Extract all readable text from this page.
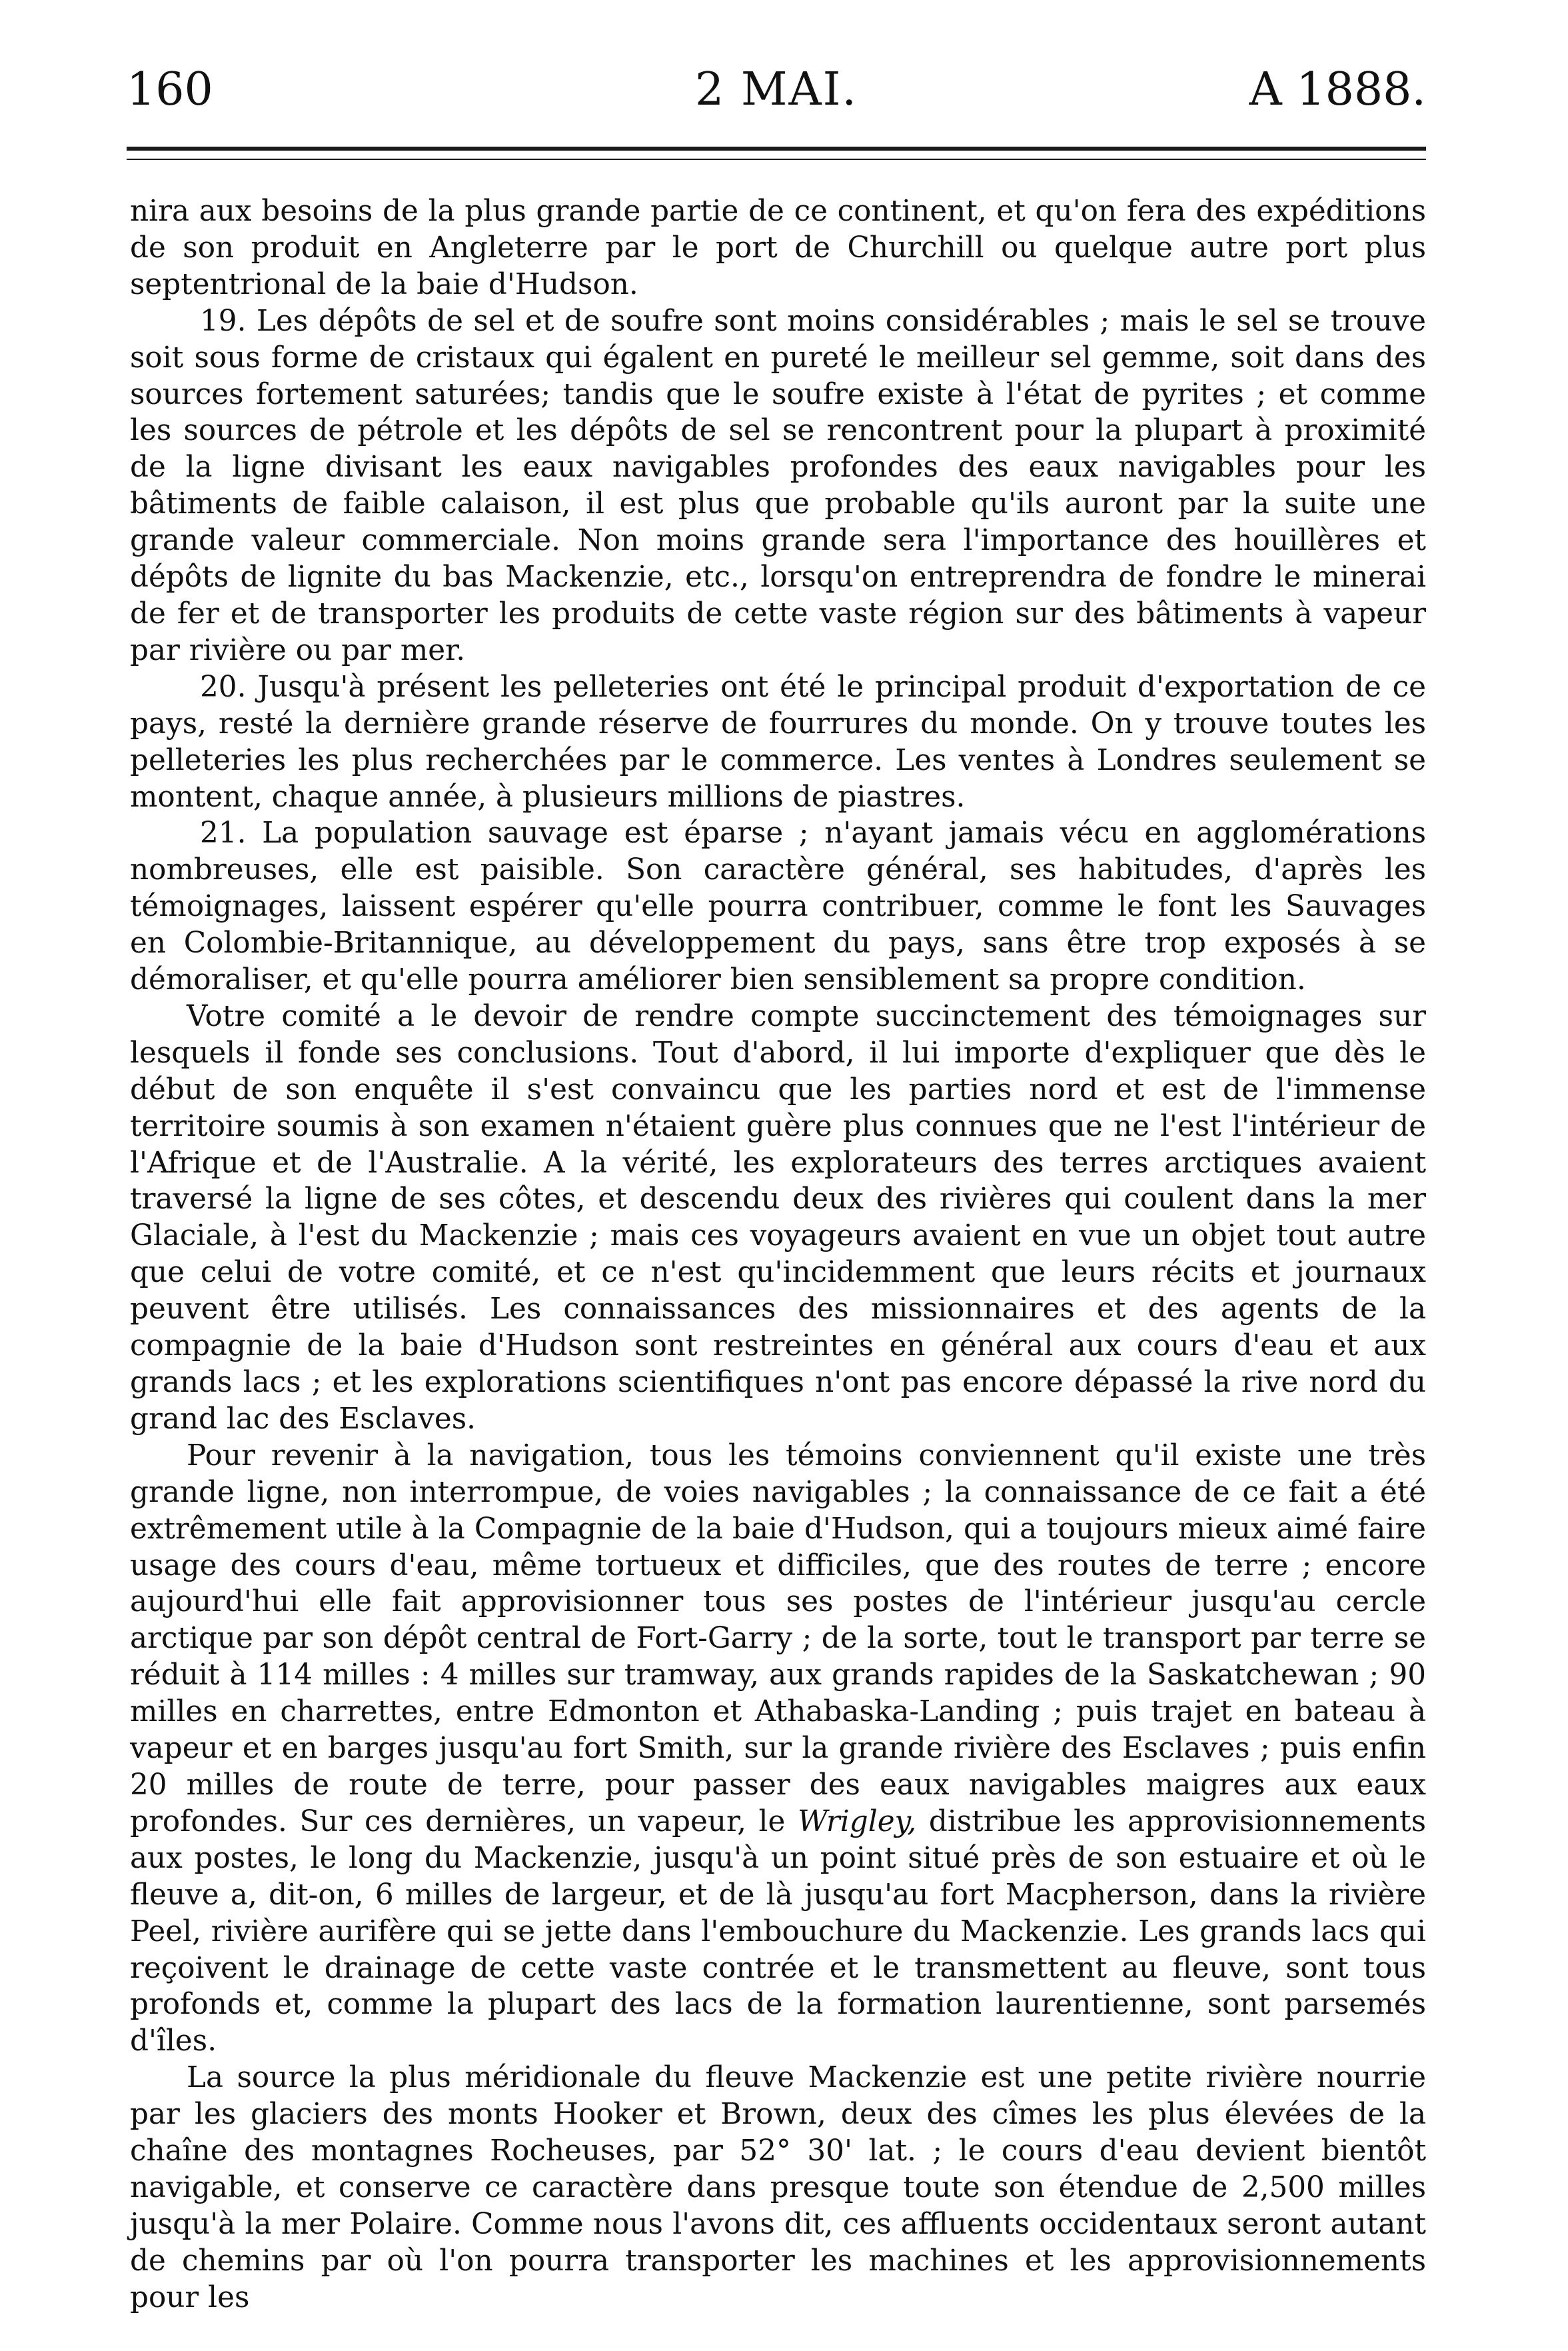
160	2 MAI.	A 1888.

nira aux besoins de la plus grande partie de ce continent, et qu'on fera des expéditions de son produit en Angleterre par le port de Churchill ou quelque autre port plus septentrional de la baie d'Hudson.

19. Les dépôts de sel et de soufre sont moins considérables ; mais le sel se trouve soit sous forme de cristaux qui égalent en pureté le meilleur sel gemme, soit dans des sources fortement saturées; tandis que le soufre existe à l'état de pyrites ; et comme les sources de pétrole et les dépôts de sel se rencontrent pour la plupart à proximité de la ligne divisant les eaux navigables profondes des eaux navigables pour les bâtiments de faible calaison, il est plus que probable qu'ils auront par la suite une grande valeur commerciale. Non moins grande sera l'importance des houillères et dépôts de lignite du bas Mackenzie, etc., lorsqu'on entreprendra de fondre le minerai de fer et de transporter les produits de cette vaste région sur des bâtiments à vapeur par rivière ou par mer.

20. Jusqu'à présent les pelleteries ont été le principal produit d'exportation de ce pays, resté la dernière grande réserve de fourrures du monde. On y trouve toutes les pelleteries les plus recherchées par le commerce. Les ventes à Londres seulement se montent, chaque année, à plusieurs millions de piastres.

21. La population sauvage est éparse ; n'ayant jamais vécu en agglomérations nombreuses, elle est paisible. Son caractère général, ses habitudes, d'après les témoignages, laissent espérer qu'elle pourra contribuer, comme le font les Sauvages en Colombie-Britannique, au développement du pays, sans être trop exposés à se démoraliser, et qu'elle pourra améliorer bien sensiblement sa propre condition.

Votre comité a le devoir de rendre compte succinctement des témoignages sur lesquels il fonde ses conclusions. Tout d'abord, il lui importe d'expliquer que dès le début de son enquête il s'est convaincu que les parties nord et est de l'immense territoire soumis à son examen n'étaient guère plus connues que ne l'est l'intérieur de l'Afrique et de l'Australie. A la vérité, les explorateurs des terres arctiques avaient traversé la ligne de ses côtes, et descendu deux des rivières qui coulent dans la mer Glaciale, à l'est du Mackenzie ; mais ces voyageurs avaient en vue un objet tout autre que celui de votre comité, et ce n'est qu'incidemment que leurs récits et journaux peuvent être utilisés. Les connaissances des missionnaires et des agents de la compagnie de la baie d'Hudson sont restreintes en général aux cours d'eau et aux grands lacs ; et les explorations scientifiques n'ont pas encore dépassé la rive nord du grand lac des Esclaves.

Pour revenir à la navigation, tous les témoins conviennent qu'il existe une très grande ligne, non interrompue, de voies navigables ; la connaissance de ce fait a été extrêmement utile à la Compagnie de la baie d'Hudson, qui a toujours mieux aimé faire usage des cours d'eau, même tortueux et difficiles, que des routes de terre ; encore aujourd'hui elle fait approvisionner tous ses postes de l'intérieur jusqu'au cercle arctique par son dépôt central de Fort-Garry ; de la sorte, tout le transport par terre se réduit à 114 milles : 4 milles sur tramway, aux grands rapides de la Saskatchewan ; 90 milles en charrettes, entre Edmonton et Athabaska-Landing ; puis trajet en bateau à vapeur et en barges jusqu'au fort Smith, sur la grande rivière des Esclaves ; puis enfin 20 milles de route de terre, pour passer des eaux navigables maigres aux eaux profondes. Sur ces dernières, un vapeur, le Wrigley, distribue les approvisionnements aux postes, le long du Mackenzie, jusqu'à un point situé près de son estuaire et où le fleuve a, dit-on, 6 milles de largeur, et de là jusqu'au fort Macpherson, dans la rivière Peel, rivière aurifère qui se jette dans l'embouchure du Mackenzie. Les grands lacs qui reçoivent le drainage de cette vaste contrée et le transmettent au fleuve, sont tous profonds et, comme la plupart des lacs de la formation laurentienne, sont parsemés d'îles.

La source la plus méridionale du fleuve Mackenzie est une petite rivière nourrie par les glaciers des monts Hooker et Brown, deux des cîmes les plus élevées de la chaîne des montagnes Rocheuses, par 52° 30' lat. ; le cours d'eau devient bientôt navigable, et conserve ce caractère dans presque toute son étendue de 2,500 milles jusqu'à la mer Polaire. Comme nous l'avons dit, ces affluents occidentaux seront autant de chemins par où l'on pourra transporter les machines et les approvisionnements pour les
